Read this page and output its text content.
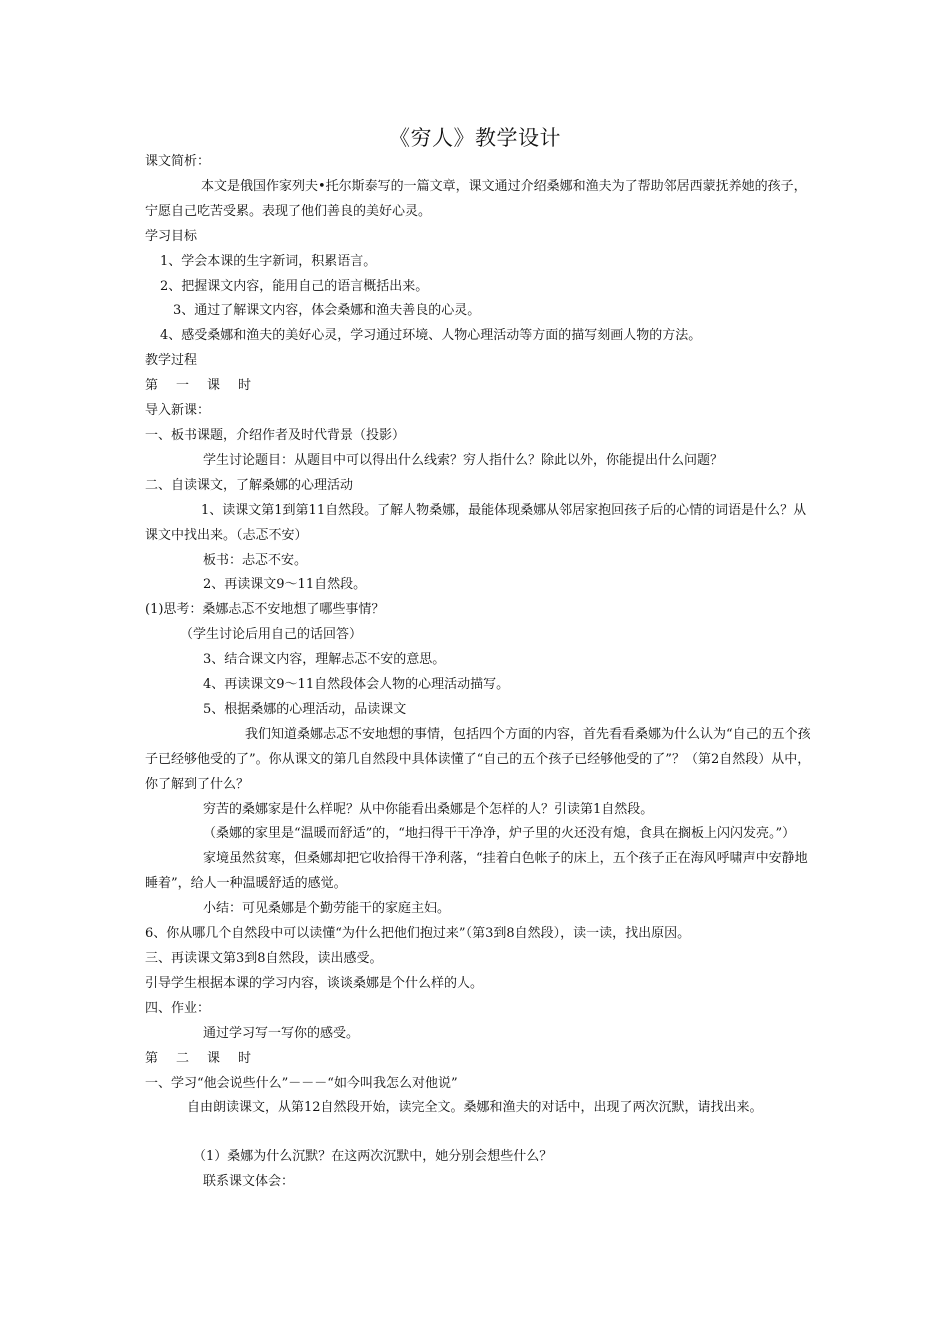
《穷人》教学设计

课文简析：

本文是俄国作家列夫•托尔斯泰写的一篇文章，课文通过介绍桑娜和渔夫为了帮助邻居西蒙抚养她的孩子，宁愿自己吃苦受累。表现了他们善良的美好心灵。

学习目标

1、学会本课的生字新词，积累语言。

2、把握课文内容，能用自己的语言概括出来。

3、通过了解课文内容，体会桑娜和渔夫善良的心灵。

4、感受桑娜和渔夫的美好心灵，学习通过环境、人物心理活动等方面的描写刻画人物的方法。

教学过程

第一课时

导入新课：

一、板书课题，介绍作者及时代背景（投影）

学生讨论题目：从题目中可以得出什么线索？穷人指什么？除此以外，你能提出什么问题？

二、自读课文，了解桑娜的心理活动

1、读课文第1到第11自然段。了解人物桑娜，最能体现桑娜从邻居家抱回孩子后的心情的词语是什么？从课文中找出来。（忐忑不安）

板书：忐忑不安。

2、再读课文9～11自然段。

(1)思考：桑娜忐忑不安地想了哪些事情？

（学生讨论后用自己的话回答）

3、结合课文内容，理解忐忑不安的意思。

4、再读课文9～11自然段体会人物的心理活动描写。

5、根据桑娜的心理活动，品读课文

我们知道桑娜忐忑不安地想的事情，包括四个方面的内容，首先看看桑娜为什么认为“自己的五个孩子已经够他受的了”。你从课文的第几自然段中具体读懂了“自己的五个孩子已经够他受的了”？（第2自然段）从中，你了解到了什么？

穷苦的桑娜家是什么样呢？从中你能看出桑娜是个怎样的人？引读第1自然段。

（桑娜的家里是“温暖而舒适”的，“地扫得干干净净，炉子里的火还没有熄，食具在搁板上闪闪发亮。”）

家境虽然贫寒，但桑娜却把它收拾得干净利落，“挂着白色帐子的床上，五个孩子正在海风呼啸声中安静地睡着”，给人一种温暖舒适的感觉。

小结：可见桑娜是个勤劳能干的家庭主妇。

6、你从哪几个自然段中可以读懂“为什么把他们抱过来”（第3到8自然段），读一读，找出原因。

三、再读课文第3到8自然段，读出感受。

引导学生根据本课的学习内容，谈谈桑娜是个什么样的人。

四、作业：

通过学习写一写你的感受。

第二课时

一、学习“他会说些什么”－－－“如今叫我怎么对他说”

自由朗读课文，从第12自然段开始，读完全文。桑娜和渔夫的对话中，出现了两次沉默，请找出来。

（1）桑娜为什么沉默？在这两次沉默中，她分别会想些什么？

联系课文体会：
